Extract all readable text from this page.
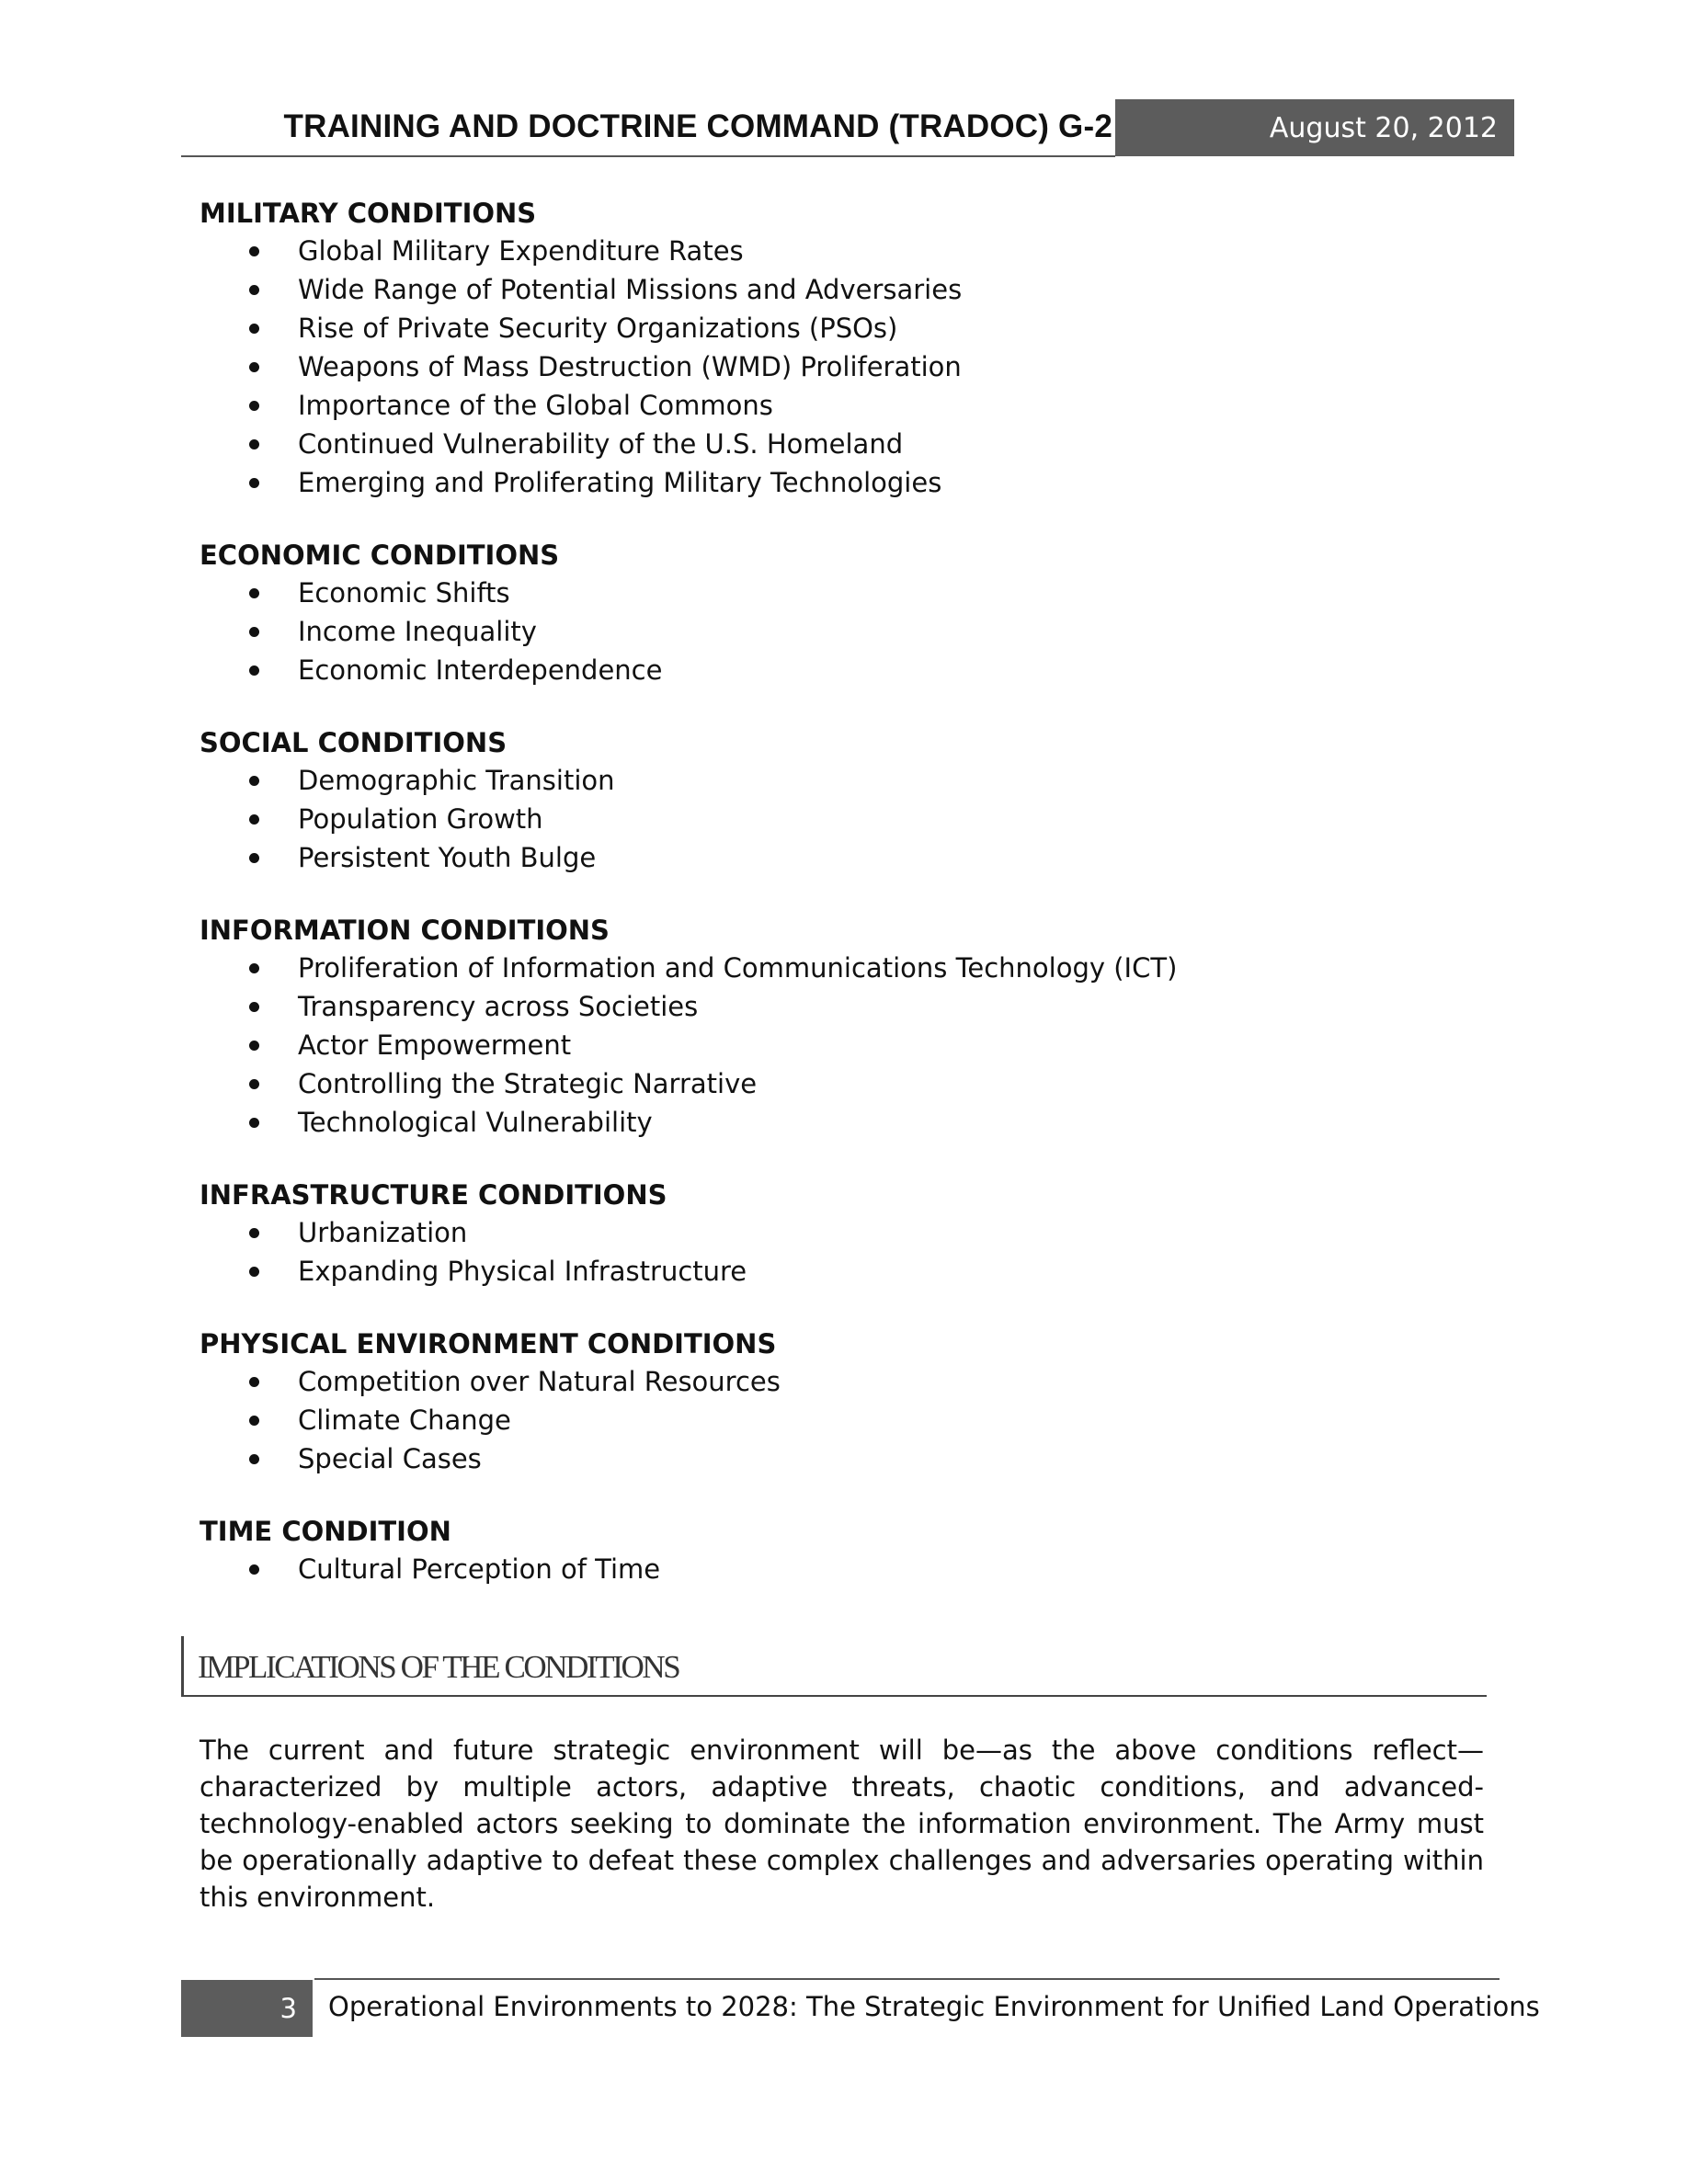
TRAINING AND DOCTRINE COMMAND (TRADOC) G-2	August 20, 2012
MILITARY CONDITIONS
Global Military Expenditure Rates
Wide Range of Potential Missions and Adversaries
Rise of Private Security Organizations (PSOs)
Weapons of Mass Destruction (WMD) Proliferation
Importance of the Global Commons
Continued Vulnerability of the U.S. Homeland
Emerging and Proliferating Military Technologies
ECONOMIC CONDITIONS
Economic Shifts
Income Inequality
Economic Interdependence
SOCIAL CONDITIONS
Demographic Transition
Population Growth
Persistent Youth Bulge
INFORMATION CONDITIONS
Proliferation of Information and Communications Technology (ICT)
Transparency across Societies
Actor Empowerment
Controlling the Strategic Narrative
Technological Vulnerability
INFRASTRUCTURE CONDITIONS
Urbanization
Expanding Physical Infrastructure
PHYSICAL ENVIRONMENT CONDITIONS
Competition over Natural Resources
Climate Change
Special Cases
TIME CONDITION
Cultural Perception of Time
IMPLICATIONS OF THE CONDITIONS

The current and future strategic environment will be—as the above conditions reflect—characterized by multiple actors, adaptive threats, chaotic conditions, and advanced-technology-enabled actors seeking to dominate the information environment. The Army must be operationally adaptive to defeat these complex challenges and adversaries operating within this environment.

3 Operational Environments to 2028: The Strategic Environment for Unified Land Operations
